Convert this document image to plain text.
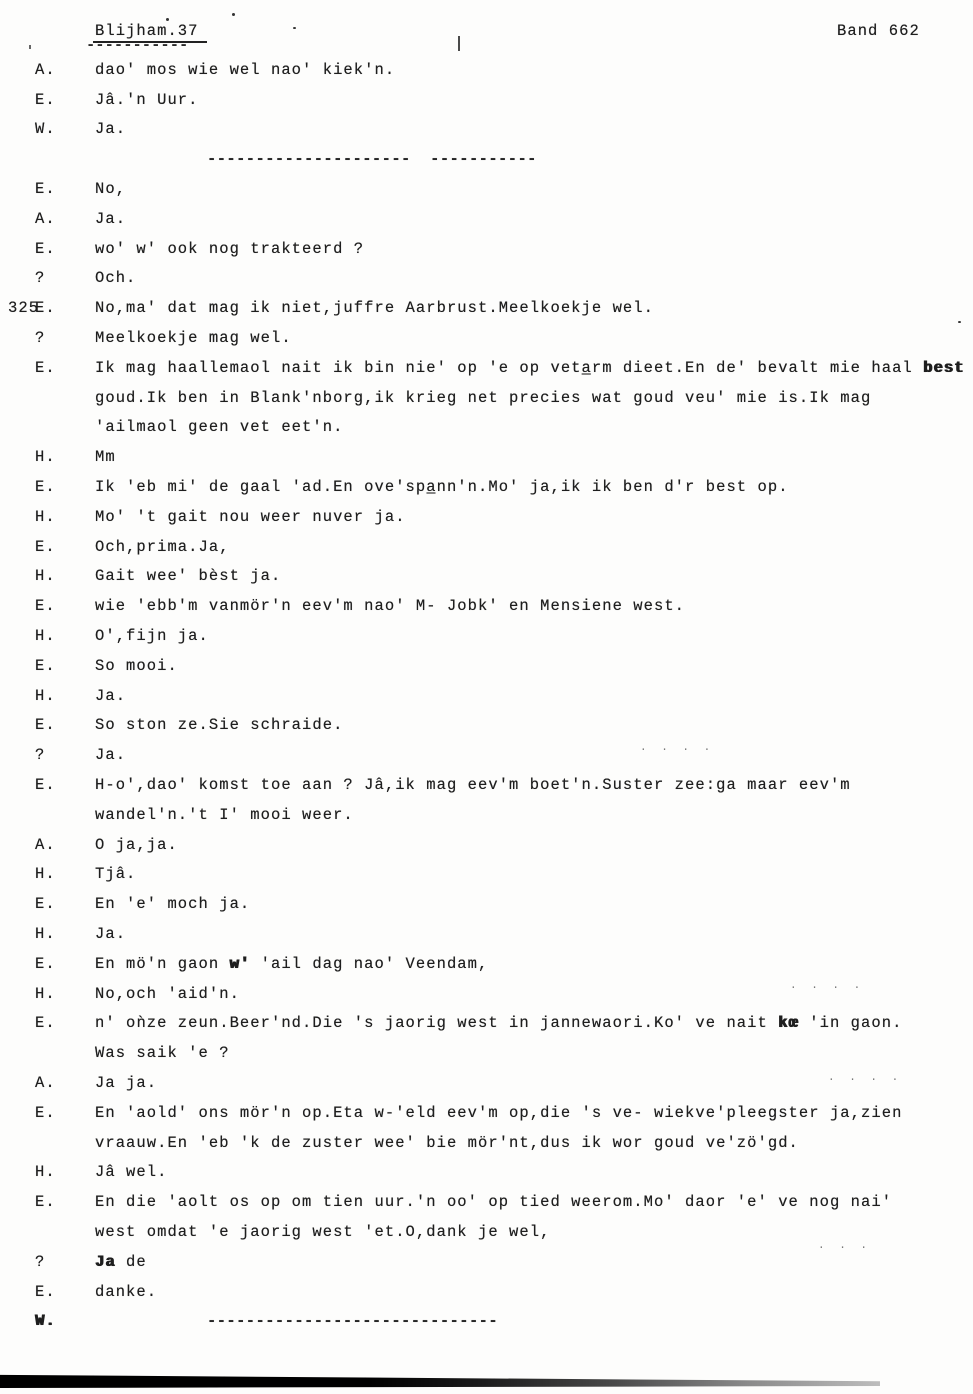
Blijham.37
-----------
Band 662
325
A.	dao' mos wie wel nao' kiek'n.
E.	Jâ.'n Uur.
W.	Ja.
---------------------  -----------
E.	No,
A.	Ja.
E.	wo' w' ook nog trakteerd ?
?	Och.
E.	No,ma' dat mag ik niet,juffre Aarbrust.Meelkoekje wel.
?	Meelkoekje mag wel.
E.	Ik mag haallemaol nait ik bin nie' op 'e op veta̲rm dieet.En de' bevalt mie haal best
goud.Ik ben in Blank'nborg,ik krieg net precies wat goud veu' mie is.Ik mag
'ailmaol geen vet eet'n.
H.	Mm
E.	Ik 'eb mi' de gaal 'ad.En ove'spa̲nn'n.Mo' ja,ik ik ben d'r best op.
H.	Mo' 't gait nou weer nuver ja.
E.	Och,prima.Ja,
H.	Gait wee' bèst ja.
E.	wie 'ebb'm vanmör'n eev'm nao' M- Jobk' en Mensiene west.
H.	O',fijn ja.
E.	So mooi.
H.	Ja.
E.	So ston ze.Sie schraide.
?	Ja.
E.	H-o',dao' komst toe aan ? Jâ,ik mag eev'm boet'n.Suster zee:ga maar eev'm
wandel'n.'t I' mooi weer.
A.	O ja,ja.
H.	Tjâ.
E.	En 'e' moch ja.
H.	Ja.
E.	En mö'n gaon w' 'ail dag nao' Veendam,
H.	No,och 'aid'n.
E.	n' oǹze zeun.Beer'nd.Die 's jaorig west in jannewaori.Ko' ve nait kœ 'in gaon.
Was saik 'e ?
A.	Ja ja.
E.	En 'aold' ons mör'n op.Eta w-'eld eev'm op,die 's ve- wiekve'pleegster ja,zien
vraauw.En 'eb 'k de zuster wee' bie mör'nt,dus ik wor goud ve'zö'gd.
H.	Jâ wel.
E.	En die 'aolt os op om tien uur.'n oo' op tied weerom.Mo' daor 'e' ve nog nai'
west omdat 'e jaorig west 'et.O,dank je wel,
?	Ja de
E.	danke.
W.	------------------------------
. . . .
. . . .
. . . .
. . .
